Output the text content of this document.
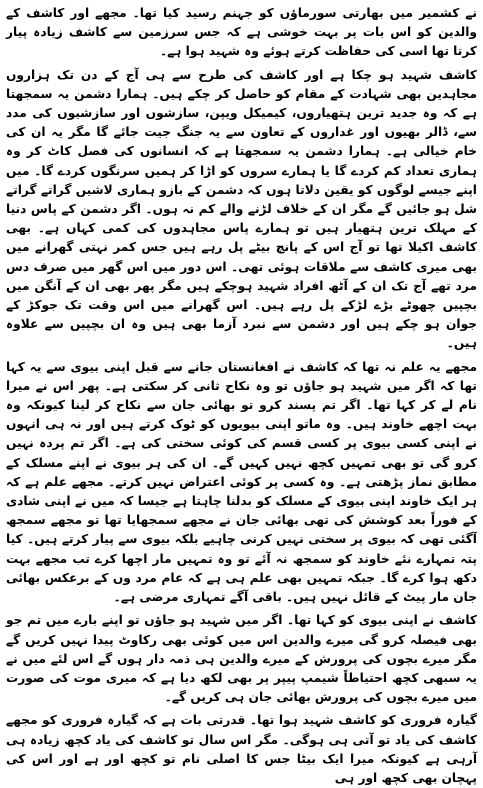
نے کشمیر میں بھارتی سورماؤں کو جہنم رسید کیا تھا۔ مجھے اور کاشف کے والدین کو اس بات پر بہت خوشی ہے کہ جس سرزمین سے کاشف زیادہ پیار کرتا تھا اسی کی حفاظت کرتے ہوئے وہ شہید ہوا ہے۔

کاشف شہید ہو چکا ہے اور کاشف کی طرح سے ہی آج کے دن تک ہزاروں مجاہدین بھی شہادت کے مقام کو حاصل کر چکے ہیں۔ ہمارا دشمن یہ سمجھتا ہے کہ وہ جدید ترین ہتھیاروں، کیمیکل ویپن، سازشوں اور سازشیوں کی مدد سے، ڈالر بھیوں اور غداروں کے تعاون سے یہ جنگ جیت جائے گا مگر یہ ان کی خام خیالی ہے۔ ہمارا دشمن یہ سمجھتا ہے کہ انسانوں کی فصل کاٹ کر وہ ہماری تعداد کم کردے گا یا ہمارے سروں کو اڑا کر ہمیں سرنگوں کردے گا۔ میں اپنے جیسے لوگوں کو یقین دلاتا ہوں کہ دشمن کے بازو ہماری لاشیں گراتے گراتے شل ہو جائیں گے مگر ان کے خلاف لڑنے والے کم نہ ہوں۔ اگر دشمن کے پاس دنیا کے مہلک ترین ہتھیار ہیں تو ہمارے پاس مجاہدوں کی کمی کہاں ہے۔ بھی کاشف اکیلا تھا تو آج اس کے پانچ بیٹے پل رہے ہیں جس کمر نہتی گھرانے میں بھی میری کاشف سے ملاقات ہوئی تھی۔ اس دور میں اس گھر میں صرف دس مرد تھے آج تک ان کے آٹھ افراد شہید ہوچکے ہیں مگر پھر بھی ان کے آنگن میں بچپیں چھوٹے بڑے لڑکے پل رہے ہیں۔ اس گھرانے میں اس وقت تک جوکڑ کے جوان ہو چکے ہیں اور دشمن سے نبرد آزما بھی ہیں وہ ان بچپیں سے علاوہ ہیں۔

مجھے یہ علم نہ تھا کہ کاشف نے افغانستان جانے سے قبل اپنی بیوی سے یہ کہا تھا کہ اگر میں شہید ہو جاؤں تو وہ نکاح ثانی کر سکتی ہے۔ پھر اس نے میرا نام لے کر کہا تھا۔ اگر تم پسند کرو تو بھائی جان سے نکاح کر لینا کیونکہ وہ بہت اچھے خاوند ہیں۔ وہ ماتو اپنی بیویوں کو ٹوک کرتے ہیں اور نہ ہی انہوں نے اپنی کسی بیوی پر کسی قسم کی کوئی سختی کی ہے۔ اگر تم پردہ نہیں کرو گی تو بھی تمہیں کچھ نہیں کہیں گے۔ ان کی ہر بیوی نے اپنے مسلک کے مطابق نماز پڑھتی ہے۔ وہ کسی پر کوئی اعتراض نہیں کرتے۔ مجھے علم ہے کہ ہر ایک خاوند اپنی بیوی کے مسلک کو بدلنا چاہتا ہے جیسا کہ میں نے اپنی شادی کے فوراً بعد کوشش کی تھی بھائی جان نے مجھے سمجھایا تھا تو مجھے سمجھ آگئی تھی کہ بیوی پر سختی نہیں کرنی چاہیے بلکہ بیوی سے پیار کرتے ہیں۔ کیا پتہ تمہارے نئے خاوند کو سمجھ نہ آئے تو وہ تمہیں مار اچھا کرے تب مجھے بہت دکھ ہوا کرے گا۔ جبکہ تمہیں بھی علم ہی ہے کہ عام مرد وں کے برعکس بھائی جان مار پیٹ کے قائل نہیں ہیں۔ باقی آگے تمہاری مرضی ہے۔

کاشف نے اپنی بیوی کو کہا تھا۔ اگر میں شہید ہو جاؤں تو اپنے بارے میں تم جو بھی فیصلہ کرو گی میرے والدین اس میں کوئی بھی رکاوٹ پیدا نہیں کریں گے مگر میرے بچوں کی پرورش کے میرے والدین ہی ذمہ دار ہوں گے اس لئے میں نے یہ سبھی کچھ احتیاطاً شیمپ پیپر پر بھی لکھ دیا ہے کہ میری موت کی صورت میں میرے بچوں کی پرورش بھائی جان ہی کریں گے۔

گیارہ فروری کو کاشف شہید ہوا تھا۔ قدرتی بات ہے کہ گیارہ فروری کو مجھے کاشف کی یاد تو آتی ہی ہوگی۔ مگر اس سال تو کاشف کی یاد کچھ زیادہ ہی آرہی ہے کیونکہ میرا ایک بیٹا جس کا اصلی نام تو کچھ اور ہے اور اس کی پہچان بھی کچھ اور ہی
